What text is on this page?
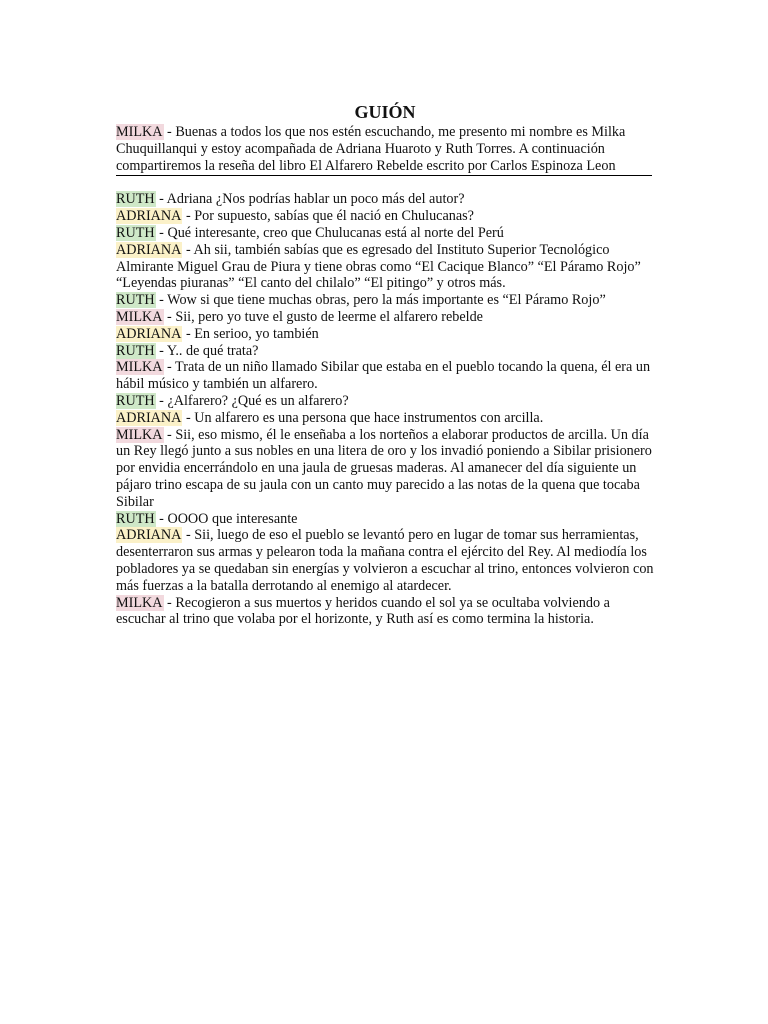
GUIÓN

MILKA - Buenas a todos los que nos estén escuchando, me presento mi nombre es Milka Chuquillanqui y estoy acompañada de Adriana Huaroto y Ruth Torres. A continuación compartiremos la reseña del libro El Alfarero Rebelde escrito por Carlos Espinoza Leon

RUTH - Adriana ¿Nos podrías hablar un poco más del autor?

ADRIANA - Por supuesto, sabías que él nació en Chulucanas?

RUTH - Qué interesante, creo que Chulucanas está al norte del Perú

ADRIANA - Ah sii, también sabías que es egresado del Instituto Superior Tecnológico Almirante Miguel Grau de Piura y tiene obras como “El Cacique Blanco” “El Páramo Rojo” “Leyendas piuranas” “El canto del chilalo” “El pitingo” y otros más.

RUTH - Wow si que tiene muchas obras, pero la más importante es “El Páramo Rojo”

MILKA - Sii, pero yo tuve el gusto de leerme el alfarero rebelde

ADRIANA - En serioo, yo también

RUTH - Y.. de qué trata?

MILKA - Trata de un niño llamado Sibilar que estaba en el pueblo tocando la quena, él era un hábil músico y también un alfarero.

RUTH - ¿Alfarero? ¿Qué es un alfarero?

ADRIANA - Un alfarero es una persona que hace instrumentos con arcilla.

MILKA - Sii, eso mismo, él le enseñaba a los norteños a elaborar productos de arcilla. Un día un Rey llegó junto a sus nobles en una litera de oro y los invadió poniendo a Sibilar prisionero por envidia encerrándolo en una jaula de gruesas maderas. Al amanecer del día siguiente un pájaro trino escapa de su jaula con un canto muy parecido a las notas de la quena que tocaba Sibilar

RUTH - OOOO que interesante

ADRIANA - Sii, luego de eso el pueblo se levantó pero en lugar de tomar sus herramientas, desenterraron sus armas y pelearon toda la mañana contra el ejército del Rey. Al mediodía los pobladores ya se quedaban sin energías y volvieron a escuchar al trino, entonces volvieron con más fuerzas a la batalla derrotando al enemigo al atardecer.

MILKA - Recogieron a sus muertos y heridos cuando el sol ya se ocultaba volviendo a escuchar al trino que volaba por el horizonte, y Ruth así es como termina la historia.
